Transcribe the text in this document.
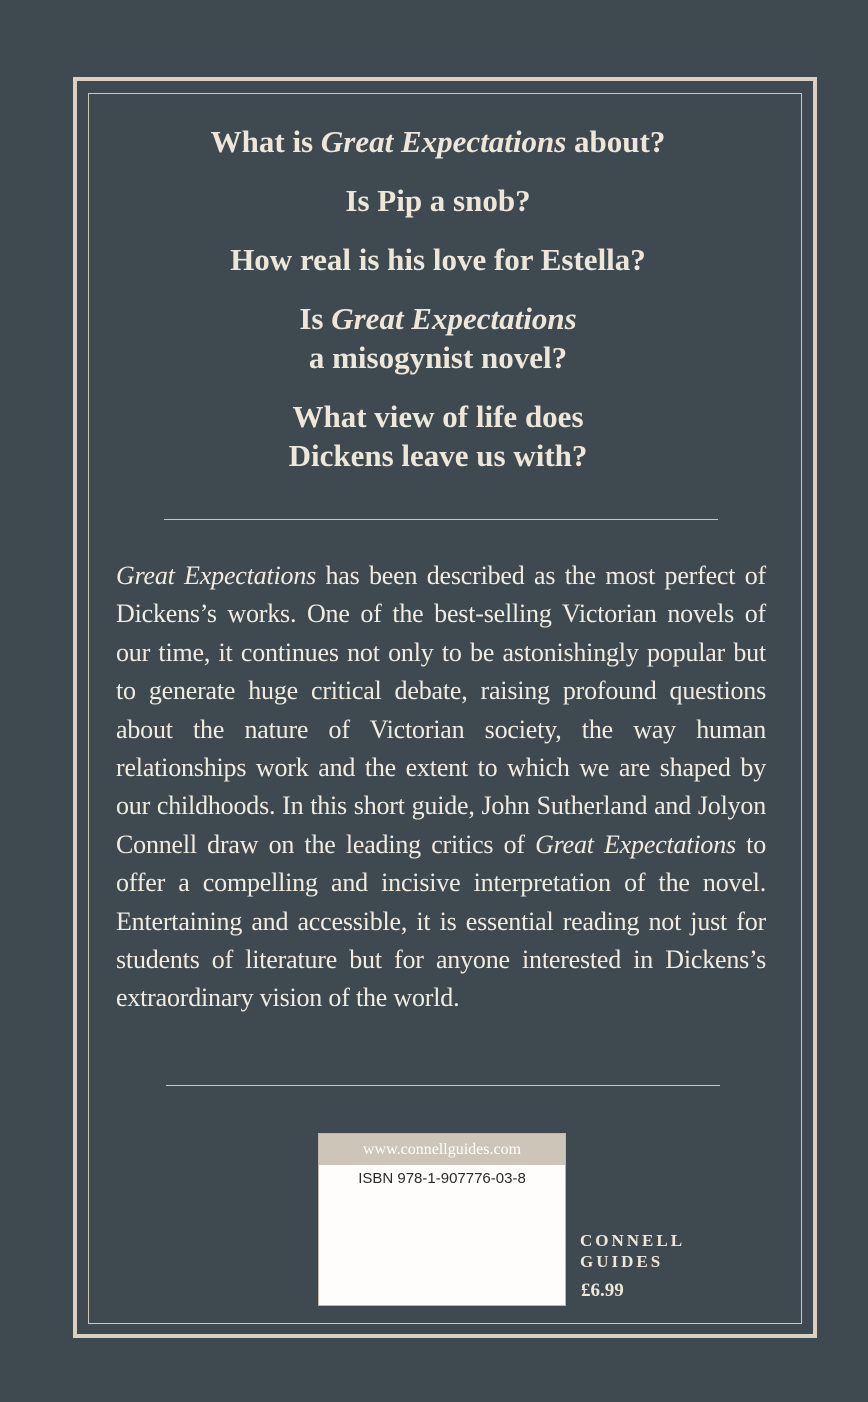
What is Great Expectations about?

Is Pip a snob?

How real is his love for Estella?

Is Great Expectations
a misogynist novel?

What view of life does
Dickens leave us with?

Great Expectations has been described as the most perfect of Dickens’s works. One of the best-selling Victorian novels of our time, it continues not only to be astonishingly popular but to generate huge critical debate, raising profound questions about the nature of Victorian society, the way human relationships work and the extent to which we are shaped by our childhoods. In this short guide, John Sutherland and Jolyon Connell draw on the leading critics of Great Expectations to offer a compelling and incisive interpretation of the novel. Entertaining and accessible, it is essential reading not just for students of literature but for anyone interested in Dickens’s extraordinary vision of the world.

www.connellguides.com
ISBN 978-1-907776-03-8
CONNELL
GUIDES
£6.99
